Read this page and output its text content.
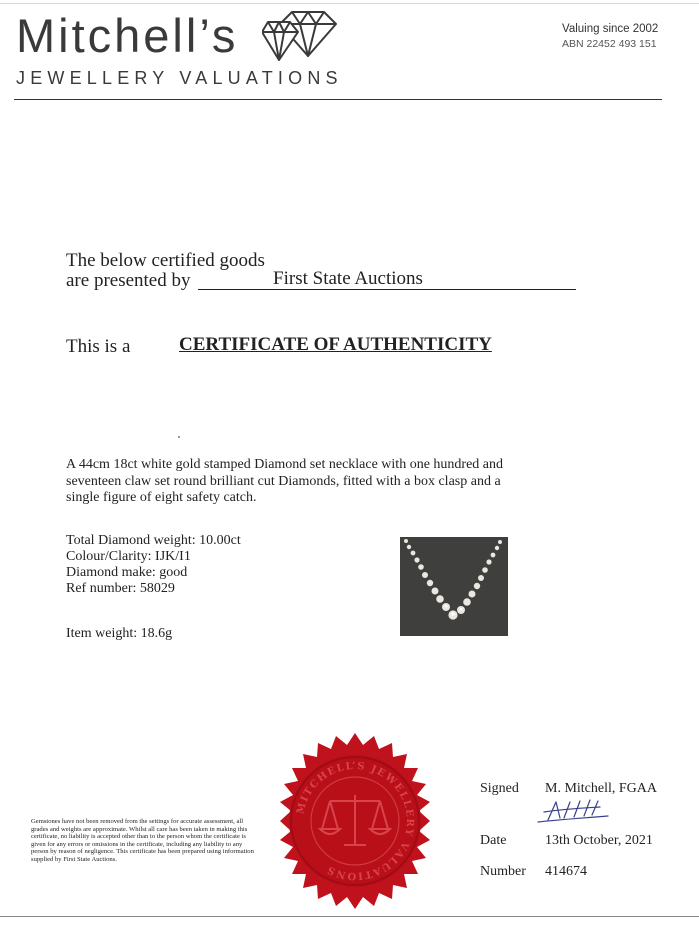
Mitchell’s
JEWELLERY VALUATIONS
Valuing since 2002
ABN 22452 493 151
The below certified goods
are presented by	First State Auctions
This is a	CERTIFICATE OF AUTHENTICITY
A 44cm 18ct white gold stamped Diamond set necklace with one hundred and seventeen claw set round brilliant cut Diamonds, fitted with a box clasp and a single figure of eight safety catch.
Total Diamond weight: 10.00ct
Colour/Clarity: IJK/I1
Diamond make: good
Ref number: 58029
Item weight: 18.6g
Gemstones have not been removed from the settings for accurate assessment, all grades and weights are approximate. Whilst all care has been taken in making this certificate, no liability is accepted other than to the person whom the certificate is given for any errors or omissions in the certificate, including any liability to any person by reason of negligence. This certificate has been prepared using information supplied by First State Auctions.
MITCHELL’S JEWELLERY VALUATIONS
Signed M. Mitchell, FGAA
Date	13th October, 2021
Number 414674
